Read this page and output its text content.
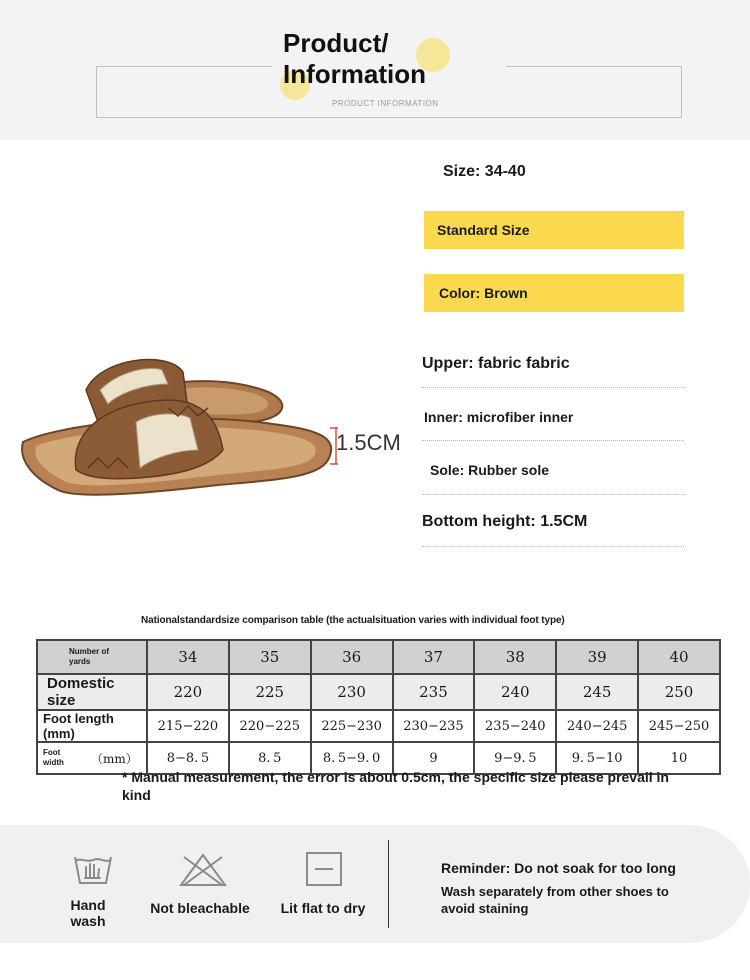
Product/ Information
PRODUCT INFORMATION
Size: 34-40
Standard Size
Color: Brown
Upper: fabric fabric
Inner: microfiber inner
Sole: Rubber sole
Bottom height: 1.5CM
1.5CM
Nationalstandardsize comparison table (the actualsituation varies with individual foot type)
Number of yards	34	35	36	37	38	39	40
Domestic size	220	225	230	235	240	245	250
Foot length (mm)	215−220	220−225	225−230	230−235	235−240	240−245	245−250

Foot width （mm）	8−8. 5	8. 5	8. 5−9. 0	9	9−9. 5	9. 5−10	10
* Manual measurement, the error is about 0.5cm, the specific size please prevail in kind
Hand wash
Not bleachable	Lit flat to dry
Reminder: Do not soak for too long
Wash separately from other shoes to avoid staining
